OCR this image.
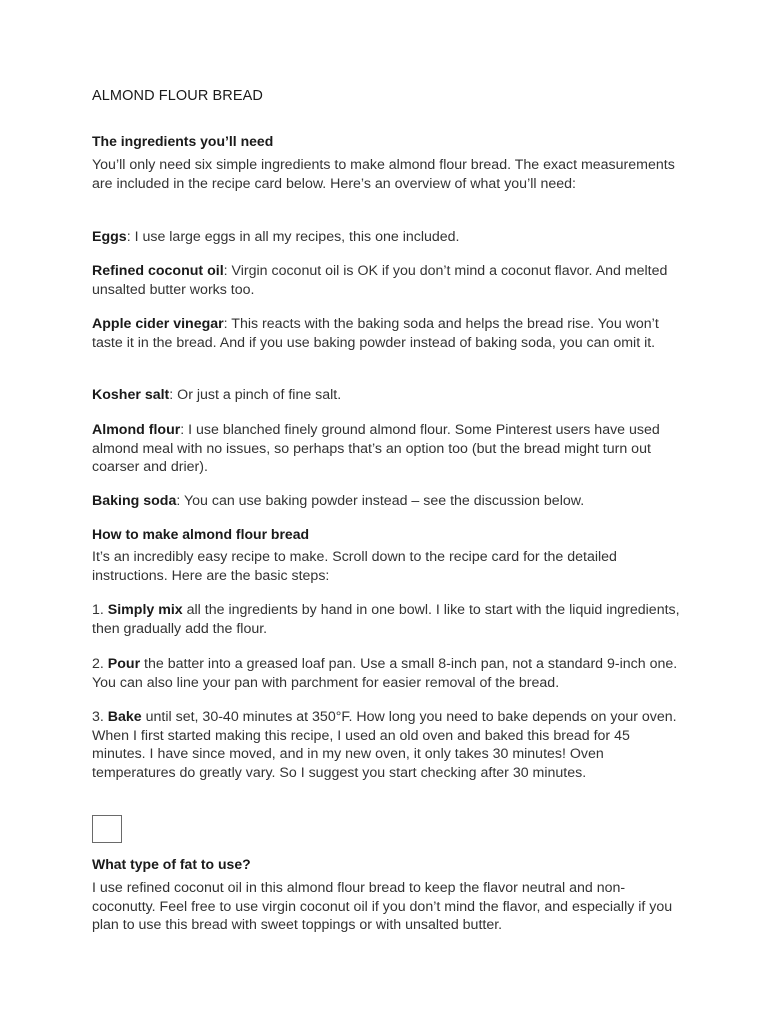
ALMOND FLOUR BREAD
The ingredients you’ll need

You’ll only need six simple ingredients to make almond flour bread. The exact measurements are included in the recipe card below. Here’s an overview of what you’ll need:

Eggs: I use large eggs in all my recipes, this one included.

Refined coconut oil: Virgin coconut oil is OK if you don’t mind a coconut flavor. And melted unsalted butter works too.

Apple cider vinegar: This reacts with the baking soda and helps the bread rise. You won’t taste it in the bread. And if you use baking powder instead of baking soda, you can omit it.

Kosher salt: Or just a pinch of fine salt.

Almond flour: I use blanched finely ground almond flour. Some Pinterest users have used almond meal with no issues, so perhaps that’s an option too (but the bread might turn out coarser and drier).

Baking soda: You can use baking powder instead – see the discussion below.

How to make almond flour bread

It’s an incredibly easy recipe to make. Scroll down to the recipe card for the detailed instructions. Here are the basic steps:

1. Simply mix all the ingredients by hand in one bowl. I like to start with the liquid ingredients, then gradually add the flour.

2. Pour the batter into a greased loaf pan. Use a small 8-inch pan, not a standard 9-inch one. You can also line your pan with parchment for easier removal of the bread.

3. Bake until set, 30-40 minutes at 350°F. How long you need to bake depends on your oven. When I first started making this recipe, I used an old oven and baked this bread for 45 minutes. I have since moved, and in my new oven, it only takes 30 minutes! Oven temperatures do greatly vary. So I suggest you start checking after 30 minutes.

What type of fat to use?

I use refined coconut oil in this almond flour bread to keep the flavor neutral and non-coconutty. Feel free to use virgin coconut oil if you don’t mind the flavor, and especially if you plan to use this bread with sweet toppings or with unsalted butter.
